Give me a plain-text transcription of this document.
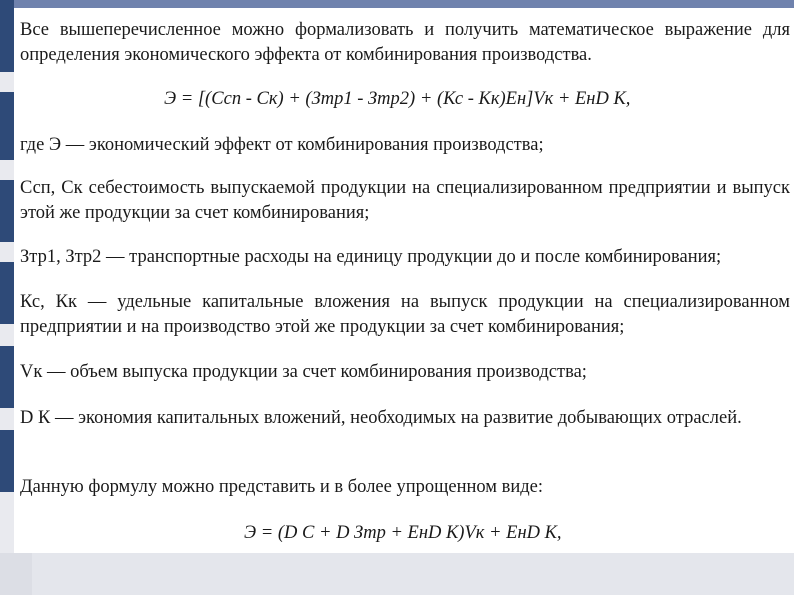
Все вышеперечисленное можно формализовать и получить математическое выражение для определения экономического эффекта от комбинирования производства.

Э = [(Ссп - Ск) + (Зтр1 - Зтр2) + (Кс - Кк)Ен]Vк + ЕнD К,

где Э — экономический эффект от комбинирования производства;

Ссп, Ск себестоимость выпускаемой продукции на специализированном предприятии и выпуск этой же продукции за счет комбинирования;

Зтр1, Зтр2 — транспортные расходы на единицу продукции до и после комбинирования;

Кс, Кк — удельные капитальные вложения на выпуск продукции на специализированном предприятии и на производство этой же продукции за счет комбинирования;

Vк — объем выпуска продукции за счет комбинирования производства;

D К — экономия капитальных вложений, необходимых на развитие добывающих отраслей.

Данную формулу можно представить и в более упрощенном виде:

Э = (D C + D Зтр + ЕнD К)Vк + ЕнD К,
